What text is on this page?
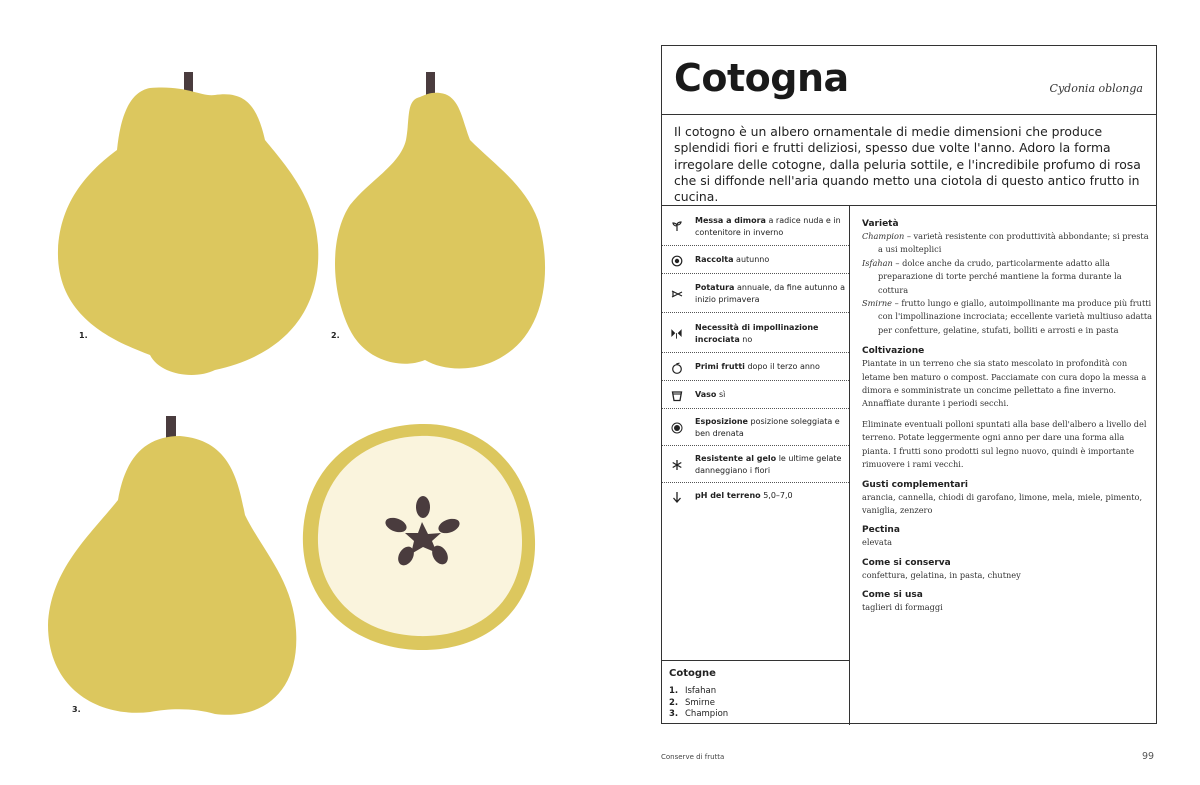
1.	2.
3.
Cotogna	Cydonia oblonga
Il cotogno è un albero ornamentale di medie dimensioni che produce splendidi fiori e frutti deliziosi, spesso due volte l'anno. Adoro la forma irregolare delle cotogne, dalla peluria sottile, e l'incredibile profumo di rosa che si diffonde nell'aria quando metto una ciotola di questo antico frutto in cucina.
Messa a dimora a radice nuda e in contenitore in inverno
Raccolta autunno
Potatura annuale, da fine autunno a inizio primavera
Necessità di impollinazione incrociata no
Primi frutti dopo il terzo anno
Vaso sì
Esposizione posizione soleggiata e ben drenata
Resistente al gelo le ultime gelate danneggiano i fiori
pH del terreno 5,0–7,0
Cotogne
1. Isfahan
2. Smirne
3. Champion
Varietà
Champion – varietà resistente con produttività abbondante; si presta a usi molteplici
Isfahan – dolce anche da crudo, particolarmente adatto alla preparazione di torte perché mantiene la forma durante la cottura
Smirne – frutto lungo e giallo, autoimpollinante ma produce più frutti con l'impollinazione incrociata; eccellente varietà multiuso adatta per confetture, gelatine, stufati, bolliti e arrosti e in pasta
Coltivazione
Piantate in un terreno che sia stato mescolato in profondità con letame ben maturo o compost. Pacciamate con cura dopo la messa a dimora e somministrate un concime pellettato a fine inverno. Annaffiate durante i periodi secchi.
Eliminate eventuali polloni spuntati alla base dell'albero a livello del terreno. Potate leggermente ogni anno per dare una forma alla pianta. I frutti sono prodotti sul legno nuovo, quindi è importante rimuovere i rami vecchi.
Gusti complementari
arancia, cannella, chiodi di garofano, limone, mela, miele, pimento, vaniglia, zenzero
Pectina
elevata
Come si conserva
confettura, gelatina, in pasta, chutney
Come si usa
taglieri di formaggi
Conserve di frutta	99
